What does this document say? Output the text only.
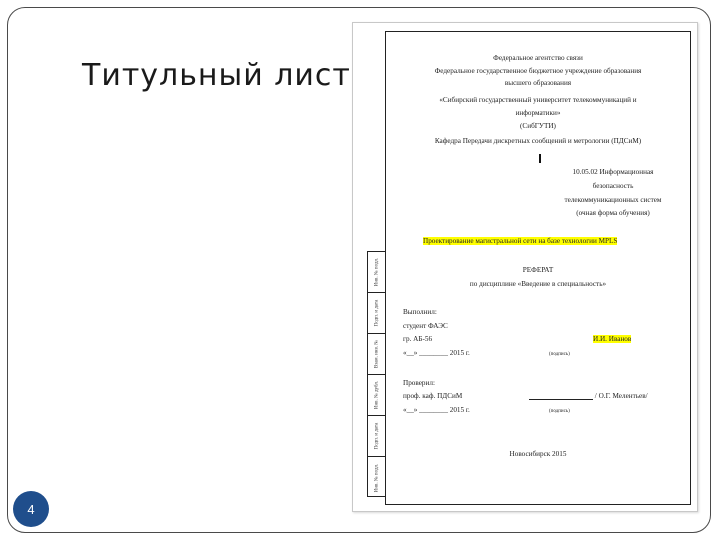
Титульный лист
4
Инв. № подл.
Подп. и дата
Взам. инв. №
Инв. № дубл.
Подп. и дата
Инв. № подл.
Федеральное агентство связи
Федеральное государственное бюджетное учреждение образования
высшего образования
«Сибирский государственный университет телекоммуникаций и
информатики»
(СибГУТИ)
Кафедра Передачи дискретных сообщений и метрологии (ПДСиМ)
10.05.02 Информационная
безопасность
телекоммуникационных систем
(очная форма обучения)
Проектирование магистральной сети на базе технологии MPLS
РЕФЕРАТ
по дисциплине «Введение в специальность»
Выполнил:
студент ФАЭС
гр. АБ-56	И.И. Иванов
«__» ________ 2015 г.	(подпись)
Проверил:
проф. каф. ПДСиМ	/ О.Г. Мелентьев/
«__» ________ 2015 г.	(подпись)
Новосибирск 2015
